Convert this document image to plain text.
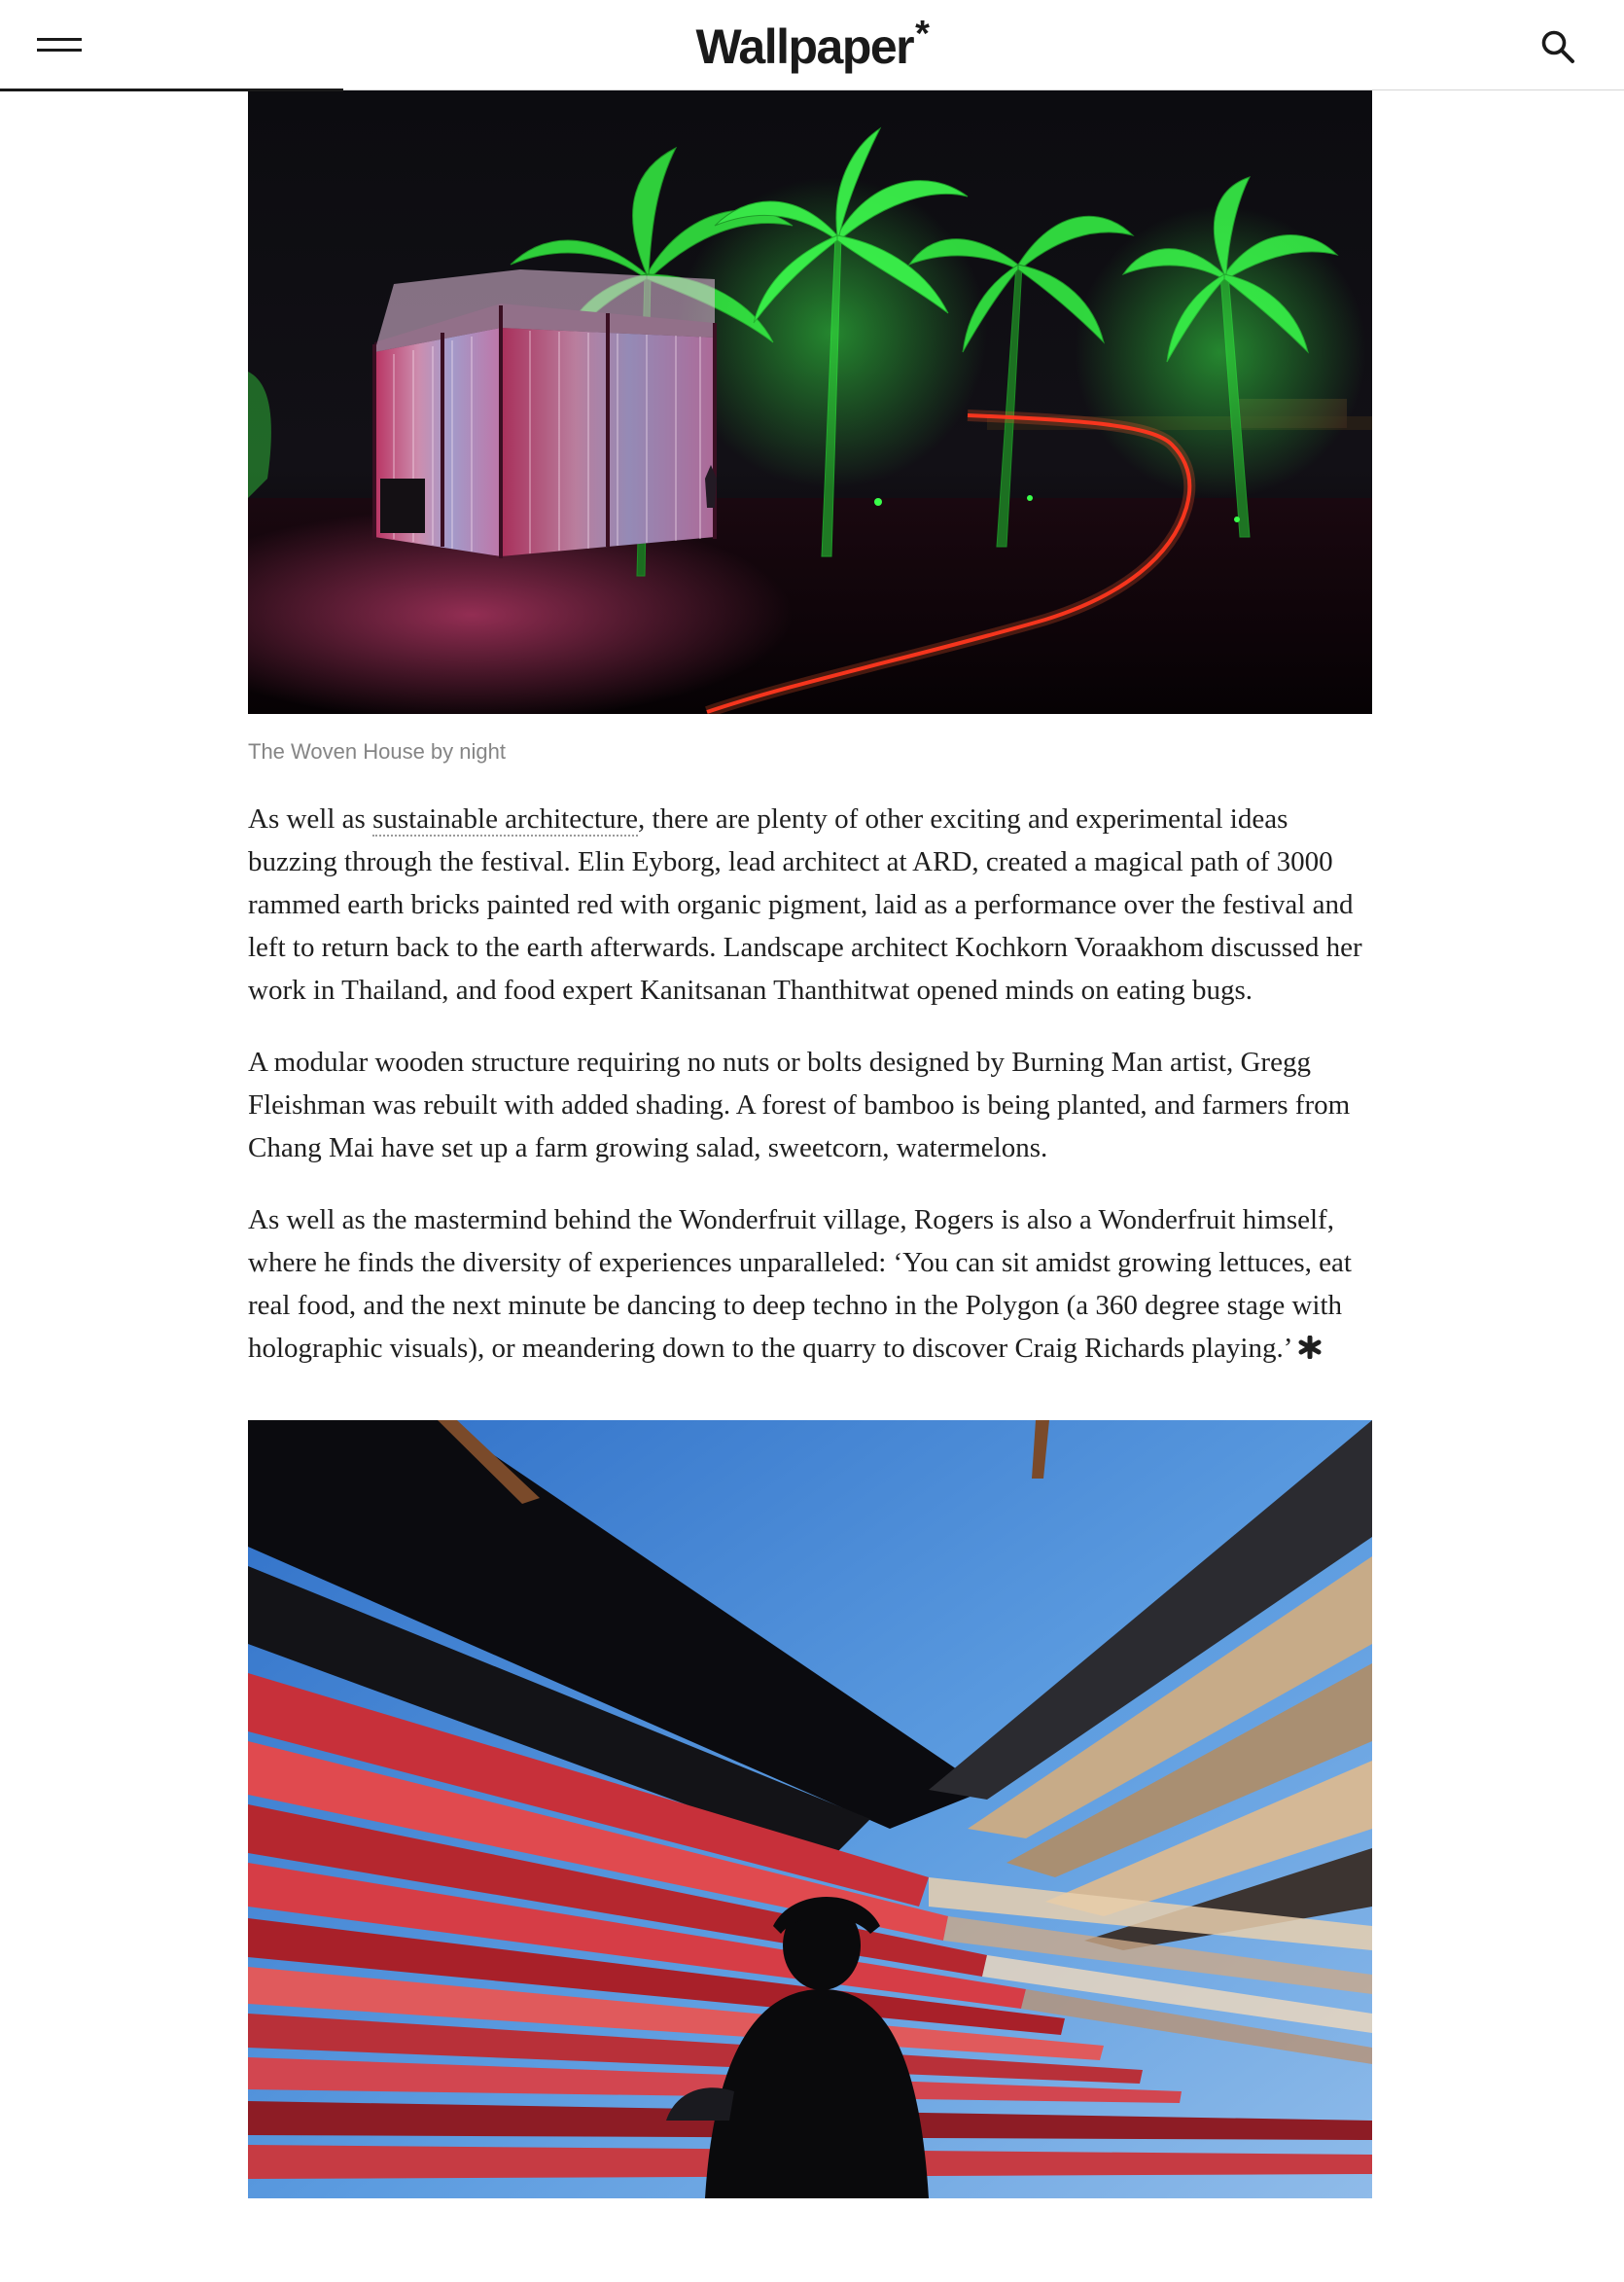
Wallpaper*
The Woven House by night

As well as sustainable architecture, there are plenty of other exciting and experimental ideas buzzing through the festival. Elin Eyborg, lead architect at ARD, created a magical path of 3000 rammed earth bricks painted red with organic pigment, laid as a performance over the festival and left to return back to the earth afterwards. Landscape architect Kochkorn Voraakhom discussed her work in Thailand, and food expert Kanitsanan Thanthitwat opened minds on eating bugs.

A modular wooden structure requiring no nuts or bolts designed by Burning Man artist, Gregg Fleishman was rebuilt with added shading. A forest of bamboo is being planted, and farmers from Chang Mai have set up a farm growing salad, sweetcorn, watermelons.

As well as the mastermind behind the Wonderfruit village, Rogers is also a Wonderfruit himself, where he finds the diversity of experiences unparalleled: ‘You can sit amidst growing lettuces, eat real food, and the next minute be dancing to deep techno in the Polygon (a 360 degree stage with holographic visuals), or meandering down to the quarry to discover Craig Richards playing.’
